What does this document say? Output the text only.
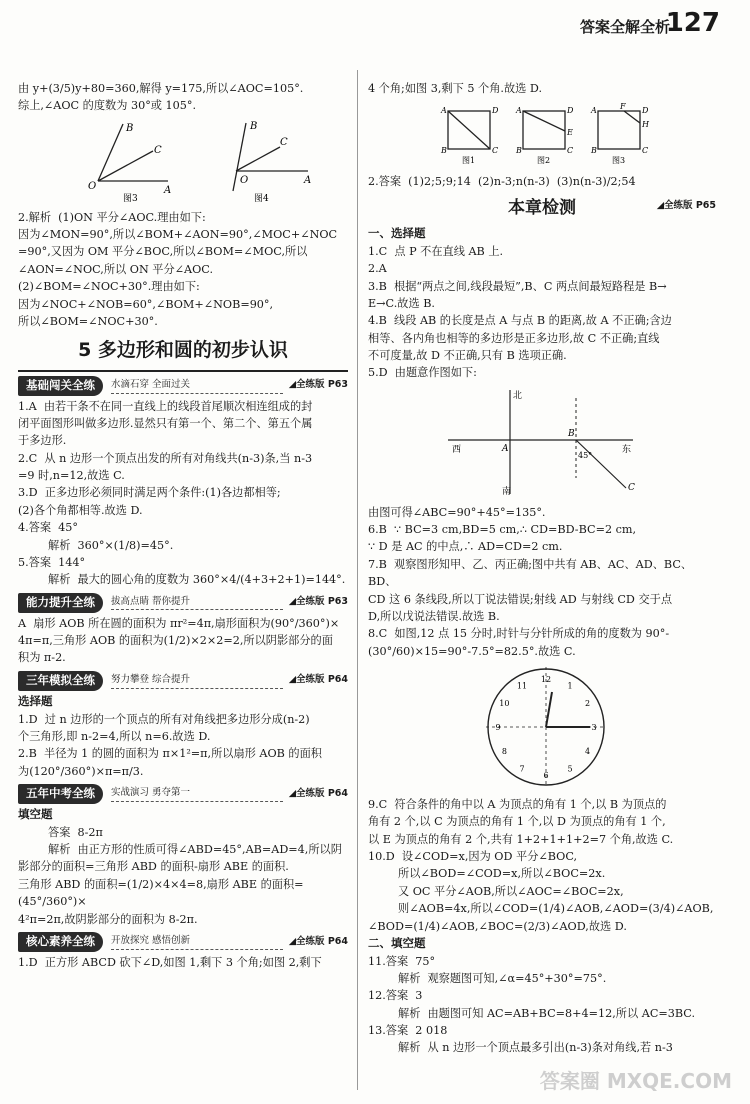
答案全解全析
127
由 y+(3/5)y+80=360,解得 y=175,所以∠AOC=105°.
综上,∠AOC 的度数为 30°或 105°.
B
C
O	A
图3
B
C
O	A
图4
2.解析  (1)ON 平分∠AOC.理由如下:
因为∠MON=90°,所以∠BOM+∠AON=90°,∠MOC+∠NOC
=90°,又因为 OM 平分∠BOC,所以∠BOM=∠MOC,所以
∠AON=∠NOC,所以 ON 平分∠AOC.
(2)∠BOM=∠NOC+30°.理由如下:
因为∠NOC+∠NOB=60°,∠BOM+∠NOB=90°,
所以∠BOM=∠NOC+30°.
5 多边形和圆的初步认识
基础闯关全练	水滴石穿 全面过关	◢全练版 P63
1.A  由若干条不在同一直线上的线段首尾顺次相连组成的封
闭平面图形叫做多边形.显然只有第一个、第二个、第五个属
于多边形.
2.C  从 n 边形一个顶点出发的所有对角线共(n-3)条,当 n-3
=9 时,n=12,故选 C.
3.D  正多边形必须同时满足两个条件:(1)各边都相等;
(2)各个角都相等.故选 D.
4.答案  45°
解析  360°×(1/8)=45°.
5.答案  144°
解析  最大的圆心角的度数为 360°×4/(4+3+2+1)=144°.
能力提升全练	拔高点睛 帮你提升	◢全练版 P63
A  扇形 AOB 所在圆的面积为 πr²=4π,扇形面积为(90°/360°)×
4π=π,三角形 AOB 的面积为(1/2)×2×2=2,所以阴影部分的面
积为 π-2.
三年模拟全练	努力攀登 综合提升	◢全练版 P64
选择题
1.D  过 n 边形的一个顶点的所有对角线把多边形分成(n-2)
个三角形,即 n-2=4,所以 n=6.故选 D.
2.B  半径为 1 的圆的面积为 π×1²=π,所以扇形 AOB 的面积
为(120°/360°)×π=π/3.
五年中考全练	实战演习 勇夺第一	◢全练版 P64
填空题
答案  8-2π
解析  由正方形的性质可得∠ABD=45°,AB=AD=4,所以阴
影部分的面积=三角形 ABD 的面积-扇形 ABE 的面积.
三角形 ABD 的面积=(1/2)×4×4=8,扇形 ABE 的面积=(45°/360°)×
4²π=2π,故阴影部分的面积为 8-2π.
核心素养全练	开放探究 感悟创新	◢全练版 P64
1.D  正方形 ABCD 砍下∠D,如图 1,剩下 3 个角;如图 2,剩下
4 个角;如图 3,剩下 5 个角.故选 D.
A	D
B	C
图1
A	D
E
B	C
图2
A	F D
H
B	C
图3
2.答案  (1)2;5;9;14  (2)n-3;n(n-3)  (3)n(n-3)/2;54
本章检测	◢全练版 P65
一、选择题
1.C  点 P 不在直线 AB 上.
2.A
3.B  根据“两点之间,线段最短”,B、C 两点间最短路程是 B→
E→C.故选 B.
4.B  线段 AB 的长度是点 A 与点 B 的距离,故 A 不正确;含边
相等、各内角也相等的多边形是正多边形,故 C 不正确;直线
不可度量,故 D 不正确,只有 B 选项正确.
5.D  由题意作图如下:
北
西	东
南
A
B
C
45°
由图可得∠ABC=90°+45°=135°.
6.B  ∵ BC=3 cm,BD=5 cm,∴ CD=BD-BC=2 cm,
∵ D 是 AC 的中点,∴ AD=CD=2 cm.
7.B  观察图形知甲、乙、丙正确;图中共有 AB、AC、AD、BC、BD、
CD 这 6 条线段,所以丁说法错误;射线 AD 与射线 CD 交于点
D,所以戊说法错误.故选 B.
8.C  如图,12 点 15 分时,时针与分针所成的角的度数为 90°-
(30°/60)×15=90°-7.5°=82.5°.故选 C.
12
1
2
3
4
5
6
7
8
9
10
11
9.C  符合条件的角中以 A 为顶点的角有 1 个,以 B 为顶点的
角有 2 个,以 C 为顶点的角有 1 个,以 D 为顶点的角有 1 个,
以 E 为顶点的角有 2 个,共有 1+2+1+1+2=7 个角,故选 C.
10.D  设∠COD=x,因为 OD 平分∠BOC,
所以∠BOD=∠COD=x,所以∠BOC=2x.
又 OC 平分∠AOB,所以∠AOC=∠BOC=2x,
则∠AOB=4x,所以∠COD=(1/4)∠AOB,∠AOD=(3/4)∠AOB,
∠BOD=(1/4)∠AOB,∠BOC=(2/3)∠AOD,故选 D.
二、填空题
11.答案  75°
解析  观察题图可知,∠α=45°+30°=75°.
12.答案  3
解析  由题图可知 AC=AB+BC=8+4=12,所以 AC=3BC.
13.答案  2 018
解析  从 n 边形一个顶点最多引出(n-3)条对角线,若 n-3
答案圈 MXQE.COM
